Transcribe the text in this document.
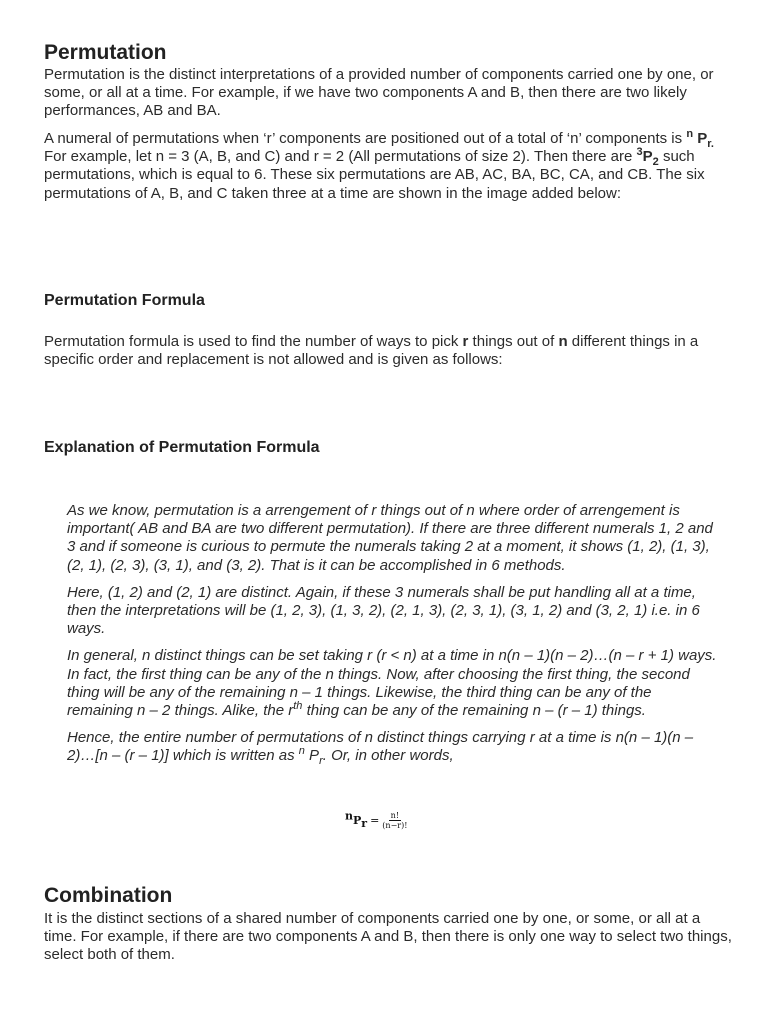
Permutation

Permutation is the distinct interpretations of a provided number of components carried one by one, or some, or all at a time. For example, if we have two components A and B, then there are two likely performances, AB and BA.

A numeral of permutations when ‘r’ components are positioned out of a total of ‘n’ components is $^n$ $P_{r.}$ For example, let n = 3 (A, B, and C) and r = 2 (All permutations of size 2). Then there are $^3P_2$ such permutations, which is equal to 6. These six permutations are AB, AC, BA, BC, CA, and CB. The six permutations of A, B, and C taken three at a time are shown in the image added below:

Permutation Formula

Permutation formula is used to find the number of ways to pick r things out of n different things in a specific order and replacement is not allowed and is given as follows:

Explanation of Permutation Formula

As we know, permutation is a arrengement of r things out of n where order of arrengement is important( AB and BA are two different permutation). If there are three different numerals 1, 2 and 3 and if someone is curious to permute the numerals taking 2 at a moment, it shows (1, 2), (1, 3), (2, 1), (2, 3), (3, 1), and (3, 2). That is it can be accomplished in 6 methods.

Here, (1, 2) and (2, 1) are distinct. Again, if these 3 numerals shall be put handling all at a time, then the interpretations will be (1, 2, 3), (1, 3, 2), (2, 1, 3), (2, 3, 1), (3, 1, 2) and (3, 2, 1) i.e. in 6 ways.

In general, n distinct things can be set taking r (r < n) at a time in n(n – 1)(n – 2)…(n – r + 1) ways. In fact, the first thing can be any of the n things. Now, after choosing the first thing, the second thing will be any of the remaining n – 1 things. Likewise, the third thing can be any of the remaining n – 2 things. Alike, the $r^{th}$ thing can be any of the remaining n – (r – 1) things.

Hence, the entire number of permutations of n distinct things carrying r at a time is n(n – 1)(n – 2)…[n – (r – 1)] which is written as $^n$ $P_r$. Or, in other words,

$^nP_r = \frac{n!}{(n-r)!}$
Combination

It is the distinct sections of a shared number of components carried one by one, or some, or all at a time. For example, if there are two components A and B, then there is only one way to select two things, select both of them.
